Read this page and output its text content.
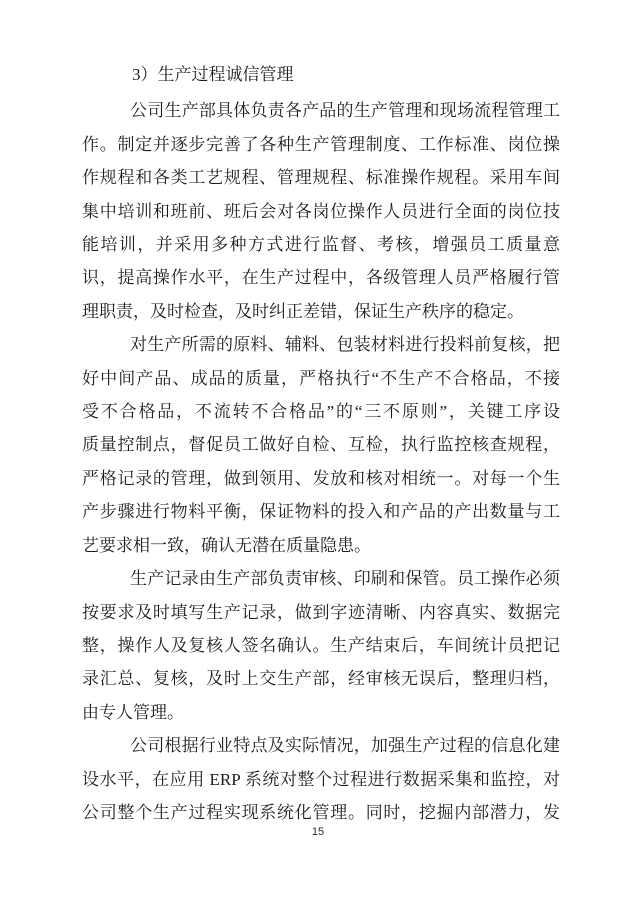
3）生产过程诚信管理
公司生产部具体负责各产品的生产管理和现场流程管理工
作。制定并逐步完善了各种生产管理制度、工作标准、岗位操
作规程和各类工艺规程、管理规程、标准操作规程。采用车间
集中培训和班前、班后会对各岗位操作人员进行全面的岗位技
能培训，并采用多种方式进行监督、考核，增强员工质量意
识，提高操作水平，在生产过程中，各级管理人员严格履行管
理职责，及时检查，及时纠正差错，保证生产秩序的稳定。
对生产所需的原料、辅料、包装材料进行投料前复核，把
好中间产品、成品的质量，严格执行“不生产不合格品，不接
受不合格品，不流转不合格品”的“三不原则”，关键工序设
质量控制点，督促员工做好自检、互检，执行监控核查规程，
严格记录的管理，做到领用、发放和核对相统一。对每一个生
产步骤进行物料平衡，保证物料的投入和产品的产出数量与工
艺要求相一致，确认无潜在质量隐患。
生产记录由生产部负责审核、印刷和保管。员工操作必须
按要求及时填写生产记录，做到字迹清晰、内容真实、数据完
整，操作人及复核人签名确认。生产结束后，车间统计员把记
录汇总、复核，及时上交生产部，经审核无误后，整理归档，
由专人管理。
公司根据行业特点及实际情况，加强生产过程的信息化建
设水平，在应用 ERP 系统对整个过程进行数据采集和监控，对
公司整个生产过程实现系统化管理。同时，挖掘内部潜力，发
15
